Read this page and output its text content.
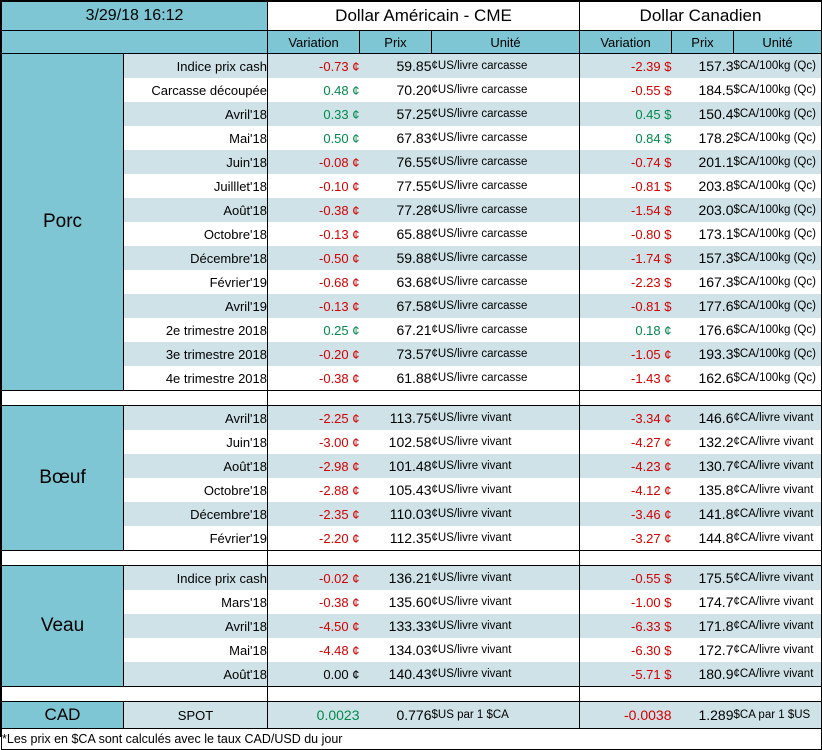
3/29/18 16:12		Dollar Américain - CME			Dollar Canadien		
		Variation	Prix	Unité	Variation	Prix	Unité
Porc	Indice prix cash	-0.73 ¢	59.85	¢US/livre carcasse	-2.39 $	157.3	$CA/100kg (Qc)
	Carcasse découpée	0.48 ¢	70.20	¢US/livre carcasse	-0.55 $	184.5	$CA/100kg (Qc)
	Avril'18	0.33 ¢	57.25	¢US/livre carcasse	0.45 $	150.4	$CA/100kg (Qc)
	Mai'18	0.50 ¢	67.83	¢US/livre carcasse	0.84 $	178.2	$CA/100kg (Qc)
	Juin'18	-0.08 ¢	76.55	¢US/livre carcasse	-0.74 $	201.1	$CA/100kg (Qc)
	Juilllet'18	-0.10 ¢	77.55	¢US/livre carcasse	-0.81 $	203.8	$CA/100kg (Qc)
	Août'18	-0.38 ¢	77.28	¢US/livre carcasse	-1.54 $	203.0	$CA/100kg (Qc)
	Octobre'18	-0.13 ¢	65.88	¢US/livre carcasse	-0.80 $	173.1	$CA/100kg (Qc)
	Décembre'18	-0.50 ¢	59.88	¢US/livre carcasse	-1.74 $	157.3	$CA/100kg (Qc)
	Février'19	-0.68 ¢	63.68	¢US/livre carcasse	-2.23 $	167.3	$CA/100kg (Qc)
	Avril'19	-0.13 ¢	67.58	¢US/livre carcasse	-0.81 $	177.6	$CA/100kg (Qc)
	2e trimestre 2018	0.25 ¢	67.21	¢US/livre carcasse	0.18 ¢	176.6	$CA/100kg (Qc)
	3e trimestre 2018	-0.20 ¢	73.57	¢US/livre carcasse	-1.05 ¢	193.3	$CA/100kg (Qc)
	4e trimestre 2018	-0.38 ¢	61.88	¢US/livre carcasse	-1.43 ¢	162.6	$CA/100kg (Qc)

Bœuf	Avril'18	-2.25 ¢	113.75	¢US/livre vivant	-3.34 ¢	146.6	¢CA/livre vivant
	Juin'18	-3.00 ¢	102.58	¢US/livre vivant	-4.27 ¢	132.2	¢CA/livre vivant
	Août'18	-2.98 ¢	101.48	¢US/livre vivant	-4.23 ¢	130.7	¢CA/livre vivant
	Octobre'18	-2.88 ¢	105.43	¢US/livre vivant	-4.12 ¢	135.8	¢CA/livre vivant
	Décembre'18	-2.35 ¢	110.03	¢US/livre vivant	-3.46 ¢	141.8	¢CA/livre vivant
	Février'19	-2.20 ¢	112.35	¢US/livre vivant	-3.27 ¢	144.8	¢CA/livre vivant

Veau	Indice prix cash	-0.02 ¢	136.21	¢US/livre vivant	-0.55 $	175.5	¢CA/livre vivant
	Mars'18	-0.38 ¢	135.60	¢US/livre vivant	-1.00 $	174.7	¢CA/livre vivant
	Avril'18	-4.50 ¢	133.33	¢US/livre vivant	-6.33 $	171.8	¢CA/livre vivant
	Mai'18	-4.48 ¢	134.03	¢US/livre vivant	-6.30 $	172.7	¢CA/livre vivant
	Août'18	0.00 ¢	140.43	¢US/livre vivant	-5.71 $	180.9	¢CA/livre vivant

CAD	SPOT	0.0023	0.776	$US par 1 $CA	-0.0038	1.289	$CA par 1 $US
*Les prix en $CA sont calculés avec le taux CAD/USD du jour							
